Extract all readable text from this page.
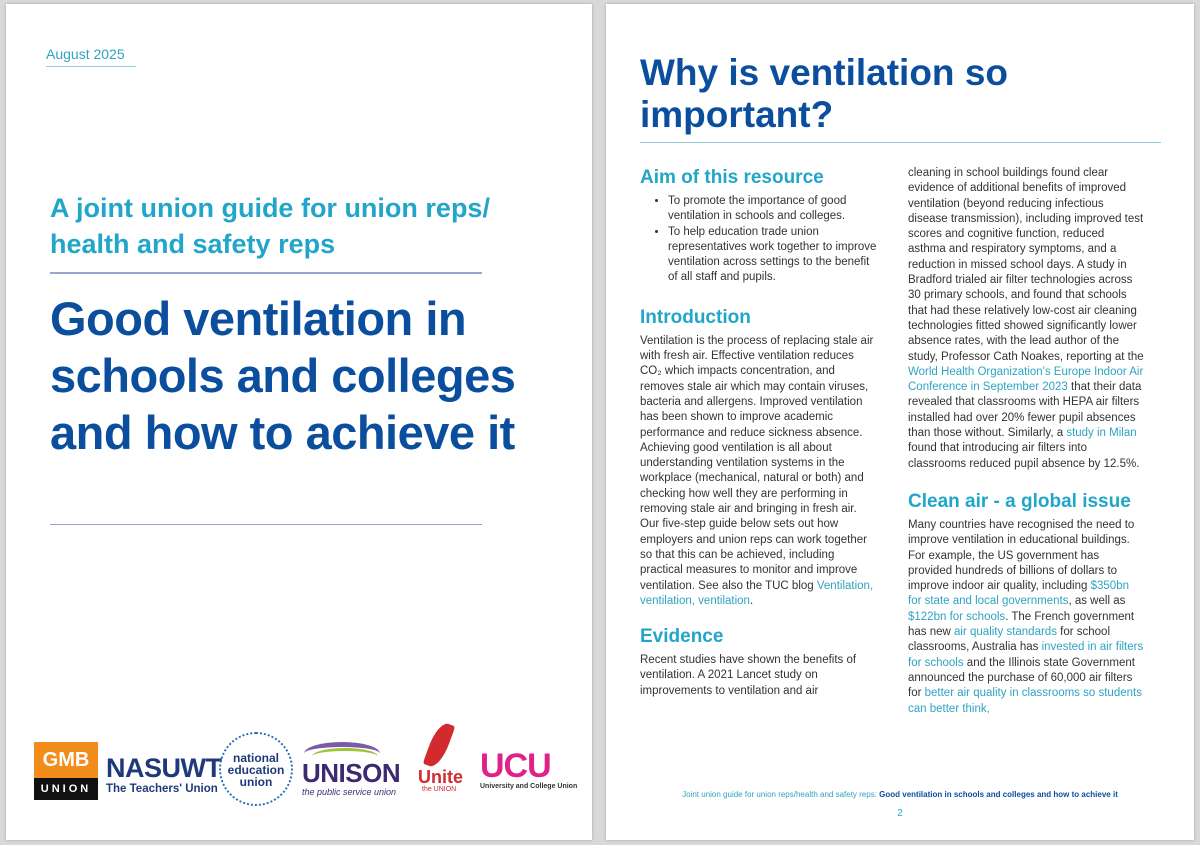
August 2025
A joint union guide for union reps/ health and safety reps
Good ventilation in schools and colleges and how to achieve it
GMB
UNION
NASUWT
The Teachers' Union
national education union	UNISON
the public service union
Unite
the UNION
UCU
University and College Union
Why is ventilation so important?
Aim of this resource
• To promote the importance of good ventilation in schools and colleges.
• To help education trade union representatives work together to improve ventilation across settings to the benefit of all staff and pupils.
Introduction

Ventilation is the process of replacing stale air with fresh air. Effective ventilation reduces CO₂ which impacts concentration, and removes stale air which may contain viruses, bacteria and allergens. Improved ventilation has been shown to improve academic performance and reduce sickness absence. Achieving good ventilation is all about understanding ventilation systems in the workplace (mechanical, natural or both) and checking how well they are performing in removing stale air and bringing in fresh air. Our five-step guide below sets out how employers and union reps can work together so that this can be achieved, including practical measures to monitor and improve ventilation. See also the TUC blog Ventilation, ventilation, ventilation.

Evidence

Recent studies have shown the benefits of ventilation. A 2021 Lancet study on improvements to ventilation and air

cleaning in school buildings found clear evidence of additional benefits of improved ventilation (beyond reducing infectious disease transmission), including improved test scores and cognitive function, reduced asthma and respiratory symptoms, and a reduction in missed school days. A study in Bradford trialed air filter technologies across 30 primary schools, and found that schools that had these relatively low-cost air cleaning technologies fitted showed significantly lower absence rates, with the lead author of the study, Professor Cath Noakes, reporting at the World Health Organization's Europe Indoor Air Conference in September 2023 that their data revealed that classrooms with HEPA air filters installed had over 20% fewer pupil absences than those without. Similarly, a study in Milan found that introducing air filters into classrooms reduced pupil absence by 12.5%.

Clean air - a global issue

Many countries have recognised the need to improve ventilation in educational buildings. For example, the US government has provided hundreds of billions of dollars to improve indoor air quality, including $350bn for state and local governments, as well as $122bn for schools. The French government has new air quality standards for school classrooms, Australia has invested in air filters for schools and the Illinois state Government announced the purchase of 60,000 air filters for better air quality in classrooms so students can better think,

Joint union guide for union reps/health and safety reps: Good ventilation in schools and colleges and how to achieve it
2
